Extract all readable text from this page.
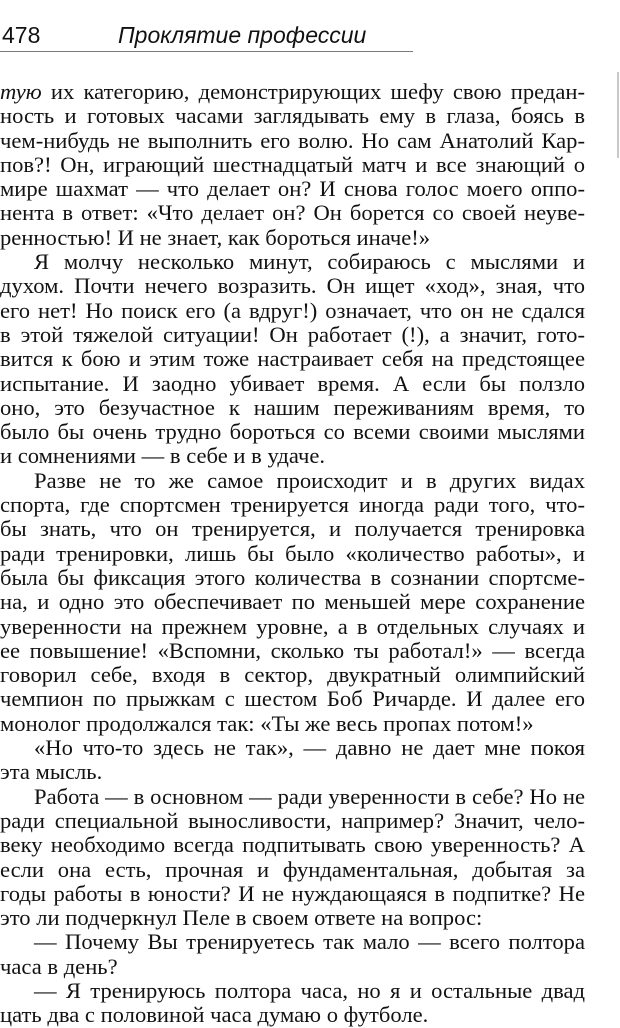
478	Проклятие профессии
тую их категорию, демонстрирующих шефу свою предан-
ность и готовых часами заглядывать ему в глаза, боясь в
чем-нибудь не выполнить его волю. Но сам Анатолий Кар-
пов?! Он, играющий шестнадцатый матч и все знающий о
мире шахмат — что делает он? И снова голос моего оппо-
нента в ответ: «Что делает он? Он борется со своей неуве-
ренностью! И не знает, как бороться иначе!»
Я молчу несколько минут, собираюсь с мыслями и
духом. Почти нечего возразить. Он ищет «ход», зная, что
его нет! Но поиск его (а вдруг!) означает, что он не сдался
в этой тяжелой ситуации! Он работает (!), а значит, гото-
вится к бою и этим тоже настраивает себя на предстоящее
испытание. И заодно убивает время. А если бы ползло
оно, это безучастное к нашим переживаниям время, то
было бы очень трудно бороться со всеми своими мыслями
и сомнениями — в себе и в удаче.
Разве не то же самое происходит и в других видах
спорта, где спортсмен тренируется иногда ради того, что-
бы знать, что он тренируется, и получается тренировка
ради тренировки, лишь бы было «количество работы», и
была бы фиксация этого количества в сознании спортсме-
на, и одно это обеспечивает по меньшей мере сохранение
уверенности на прежнем уровне, а в отдельных случаях и
ее повышение! «Вспомни, сколько ты работал!» — всегда
говорил себе, входя в сектор, двукратный олимпийский
чемпион по прыжкам с шестом Боб Ричарде. И далее его
монолог продолжался так: «Ты же весь пропах потом!»
«Но что-то здесь не так», — давно не дает мне покоя
эта мысль.
Работа — в основном — ради уверенности в себе? Но не
ради специальной выносливости, например? Значит, чело-
веку необходимо всегда подпитывать свою уверенность? А
если она есть, прочная и фундаментальная, добытая за
годы работы в юности? И не нуждающаяся в подпитке? Не
это ли подчеркнул Пеле в своем ответе на вопрос:
— Почему Вы тренируетесь так мало — всего полтора
часа в день?
— Я тренируюсь полтора часа, но я и остальные двад
цать два с половиной часа думаю о футболе.
